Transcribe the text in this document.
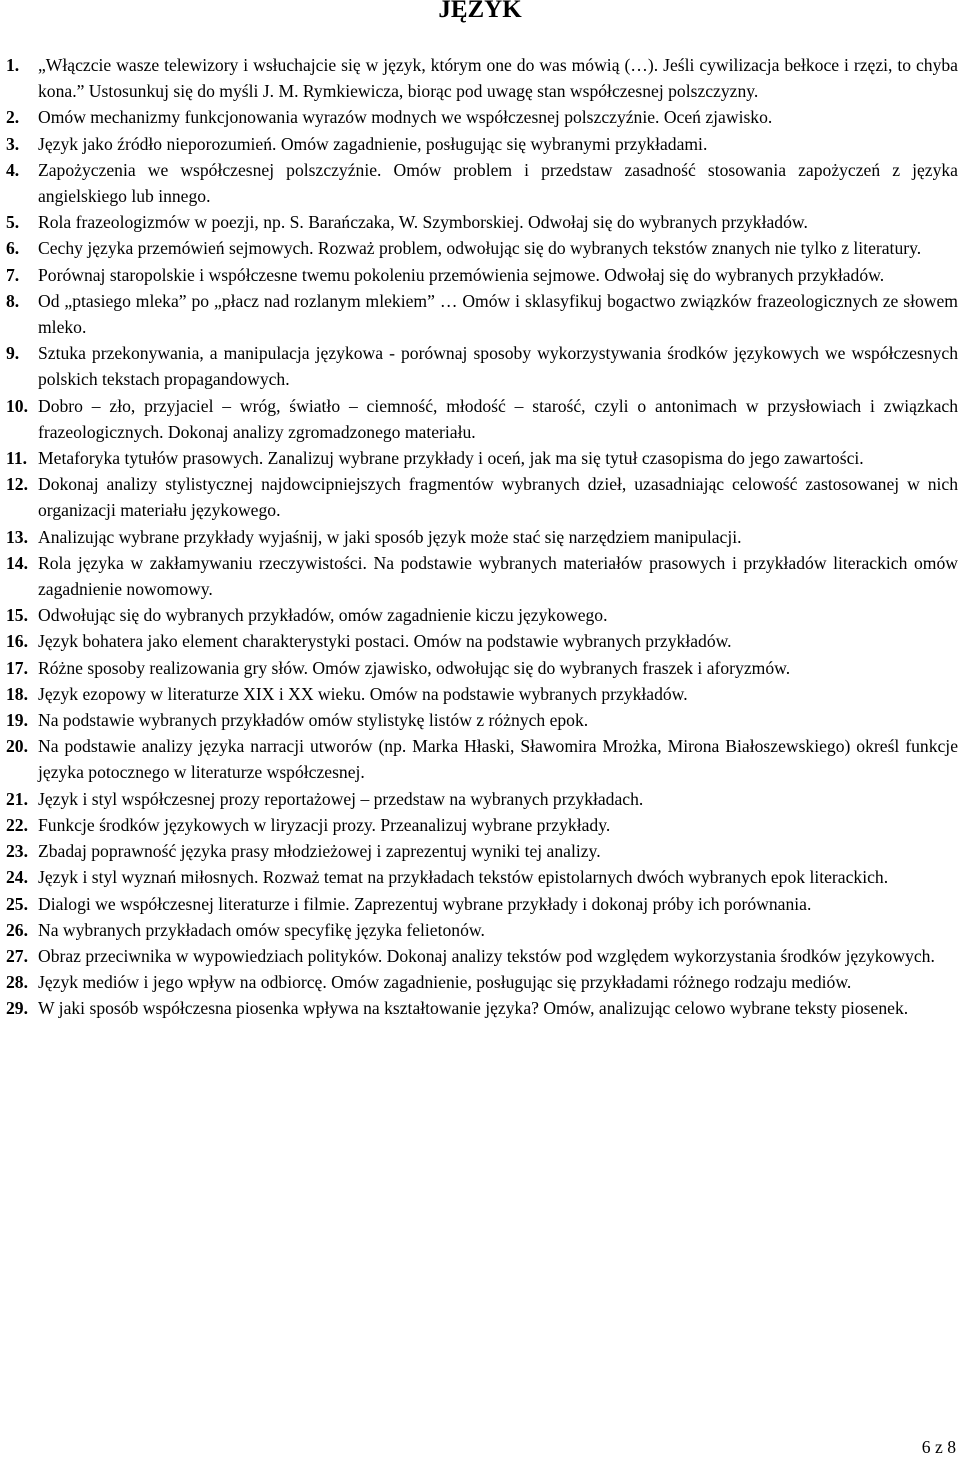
JĘZYK
1.	„Włączcie wasze telewizory i wsłuchajcie się w język, którym one do was mówią (…). Jeśli cywilizacja bełkoce i rzęzi, to chyba kona.” Ustosunkuj się do myśli J. M. Rymkiewicza, biorąc pod uwagę stan współczesnej polszczyzny.
2.	Omów mechanizmy funkcjonowania wyrazów modnych we współczesnej polszczyźnie. Oceń zjawisko.
3.	Język jako źródło nieporozumień. Omów zagadnienie, posługując się wybranymi przykładami.
4.	Zapożyczenia we współczesnej polszczyźnie. Omów problem i przedstaw zasadność stosowania zapożyczeń z języka angielskiego lub innego.
5.	Rola frazeologizmów w poezji, np. S. Barańczaka, W. Szymborskiej. Odwołaj się do wybranych przykładów.
6.	Cechy języka przemówień sejmowych. Rozważ problem, odwołując się do wybranych tekstów znanych nie tylko z literatury.
7.	Porównaj staropolskie i współczesne twemu pokoleniu przemówienia sejmowe. Odwołaj się do wybranych przykładów.
8.	Od „ptasiego mleka” po „płacz nad rozlanym mlekiem” … Omów i sklasyfikuj bogactwo związków frazeologicznych ze słowem mleko.
9.	Sztuka przekonywania, a manipulacja językowa - porównaj sposoby wykorzystywania środków językowych we współczesnych polskich tekstach propagandowych.
10. Dobro – zło, przyjaciel – wróg, światło – ciemność, młodość – starość, czyli o antonimach w przysłowiach i związkach frazeologicznych. Dokonaj analizy zgromadzonego materiału.
11. Metaforyka tytułów prasowych. Zanalizuj wybrane przykłady i oceń, jak ma się tytuł czasopisma do jego zawartości.
12. Dokonaj analizy stylistycznej najdowcipniejszych fragmentów wybranych dzieł, uzasadniając celowość zastosowanej w nich organizacji materiału językowego.
13. Analizując wybrane przykłady wyjaśnij, w jaki sposób język może stać się narzędziem manipulacji.
14. Rola języka w zakłamywaniu rzeczywistości. Na podstawie wybranych materiałów prasowych i przykładów literackich omów zagadnienie nowomowy.
15. Odwołując się do wybranych przykładów, omów zagadnienie kiczu językowego.
16. Język bohatera jako element charakterystyki postaci. Omów na podstawie wybranych przykładów.
17. Różne sposoby realizowania gry słów. Omów zjawisko, odwołując się do wybranych fraszek i aforyzmów.
18. Język ezopowy w literaturze XIX i XX wieku. Omów na podstawie wybranych przykładów.
19. Na podstawie wybranych przykładów omów stylistykę listów z różnych epok.
20. Na podstawie analizy języka narracji utworów (np. Marka Hłaski, Sławomira Mrożka, Mirona Białoszewskiego) określ funkcje języka potocznego w literaturze współczesnej.
21. Język i styl współczesnej prozy reportażowej – przedstaw na wybranych przykładach.
22. Funkcje środków językowych w liryzacji prozy. Przeanalizuj wybrane przykłady.
23. Zbadaj poprawność języka prasy młodzieżowej i zaprezentuj wyniki tej analizy.
24. Język i styl wyznań miłosnych. Rozważ temat na przykładach tekstów epistolarnych dwóch wybranych epok literackich.
25. Dialogi we współczesnej literaturze i filmie. Zaprezentuj wybrane przykłady i dokonaj próby ich porównania.
26. Na wybranych przykładach omów specyfikę języka felietonów.
27. Obraz przeciwnika w wypowiedziach polityków. Dokonaj analizy tekstów pod względem wykorzystania środków językowych.
28. Język mediów i jego wpływ na odbiorcę. Omów zagadnienie, posługując się przykładami różnego rodzaju mediów.
29. W jaki sposób współczesna piosenka wpływa na kształtowanie języka? Omów, analizując celowo wybrane teksty piosenek.

6 z 8
